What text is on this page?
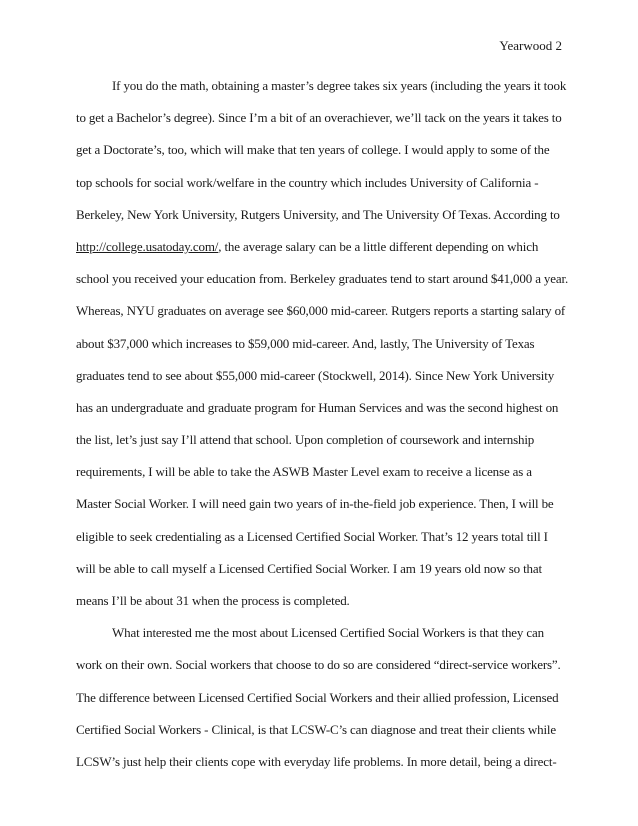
Yearwood 2
If you do the math, obtaining a master’s degree takes six years (including the years it took
to get a Bachelor’s degree). Since I’m a bit of an overachiever, we’ll tack on the years it takes to
get a Doctorate’s, too, which will make that ten years of college. I would apply to some of the
top schools for social work/welfare in the country which includes University of California -
Berkeley, New York University, Rutgers University, and The University Of Texas. According to
http://college.usatoday.com/, the average salary can be a little different depending on which
school you received your education from. Berkeley graduates tend to start around $41,000 a year.
Whereas, NYU graduates on average see $60,000 mid-career. Rutgers reports a starting salary of
about $37,000 which increases to $59,000 mid-career. And, lastly, The University of Texas
graduates tend to see about $55,000 mid-career (Stockwell, 2014). Since New York University
has an undergraduate and graduate program for Human Services and was the second highest on
the list, let’s just say I’ll attend that school. Upon completion of coursework and internship
requirements, I will be able to take the ASWB Master Level exam to receive a license as a
Master Social Worker. I will need gain two years of in-the-field job experience. Then, I will be
eligible to seek credentialing as a Licensed Certified Social Worker. That’s 12 years total till I
will be able to call myself a Licensed Certified Social Worker. I am 19 years old now so that
means I’ll be about 31 when the process is completed.
What interested me the most about Licensed Certified Social Workers is that they can
work on their own. Social workers that choose to do so are considered “direct-service workers”.
The difference between Licensed Certified Social Workers and their allied profession, Licensed
Certified Social Workers - Clinical, is that LCSW-C’s can diagnose and treat their clients while
LCSW’s just help their clients cope with everyday life problems. In more detail, being a direct-
